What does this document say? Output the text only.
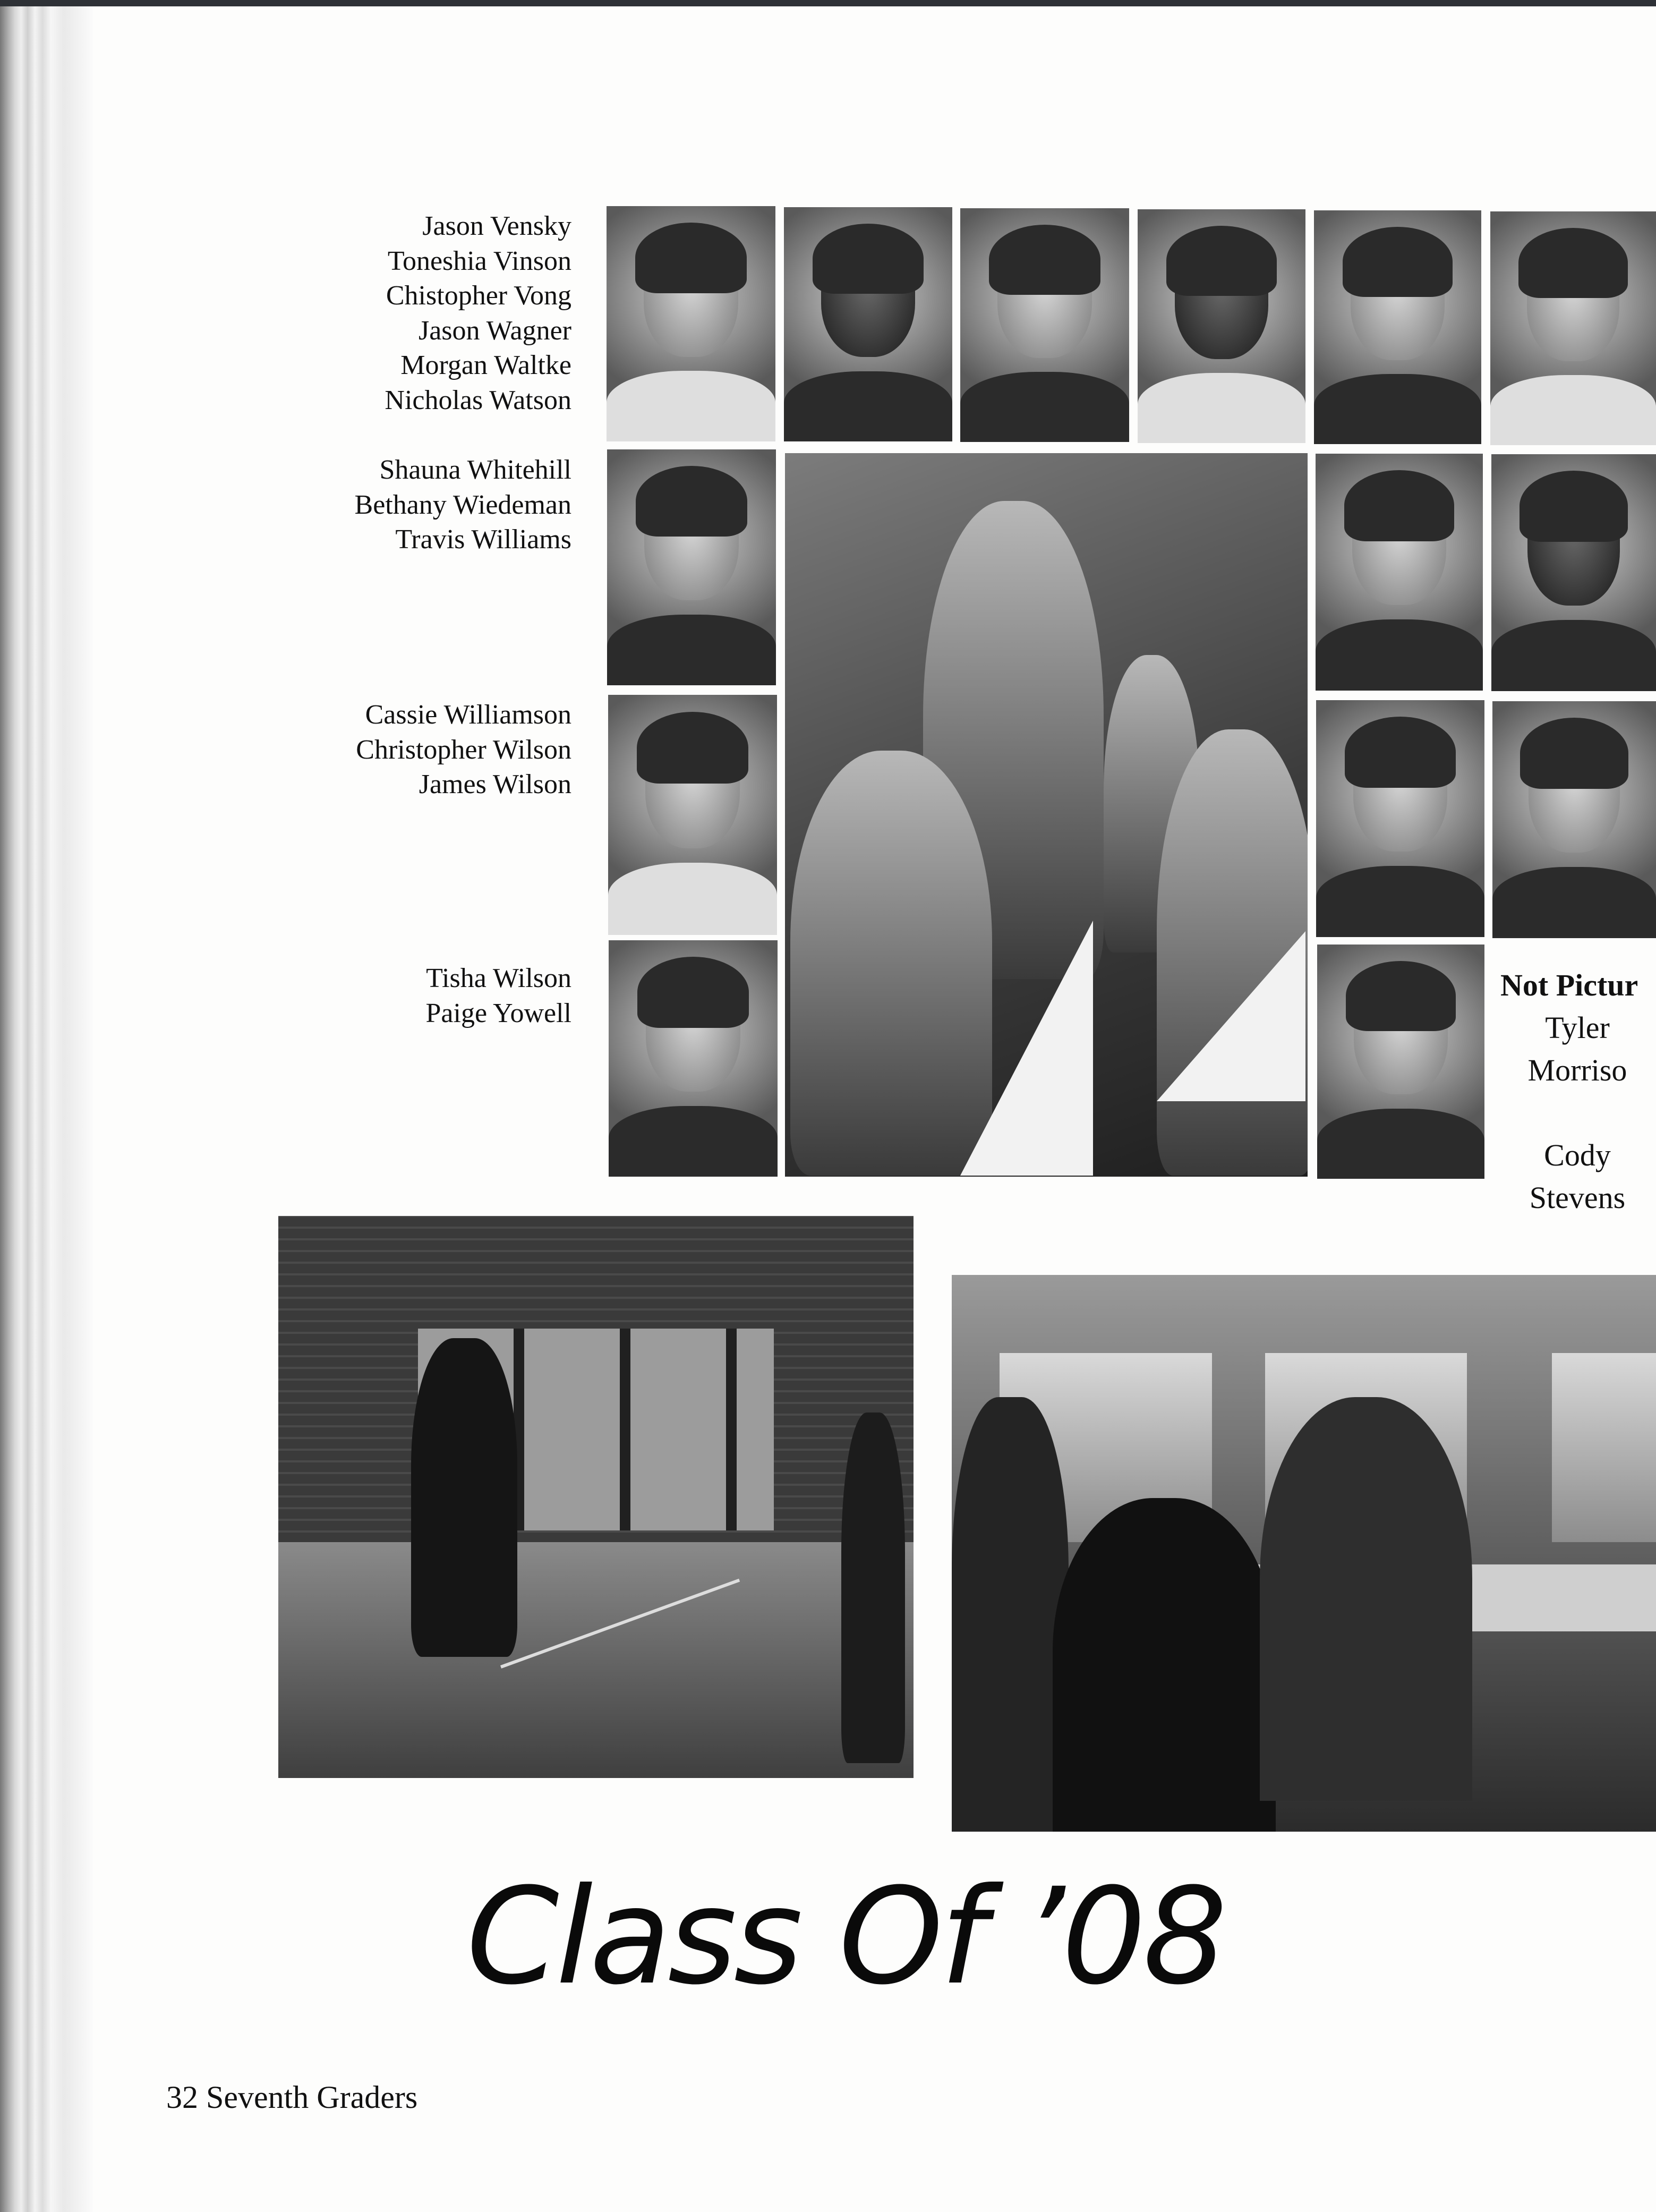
Jason Vensky
Toneshia Vinson
Chistopher Vong
Jason Wagner
Morgan Waltke
Nicholas Watson
Shauna Whitehill
Bethany Wiedeman
Travis Williams
Cassie Williamson
Christopher Wilson
James Wilson
Tisha Wilson
Paige Yowell
Not Pictur
Tyler
Morriso
Cody
Stevens
Class Of ’08
32 Seventh Graders
